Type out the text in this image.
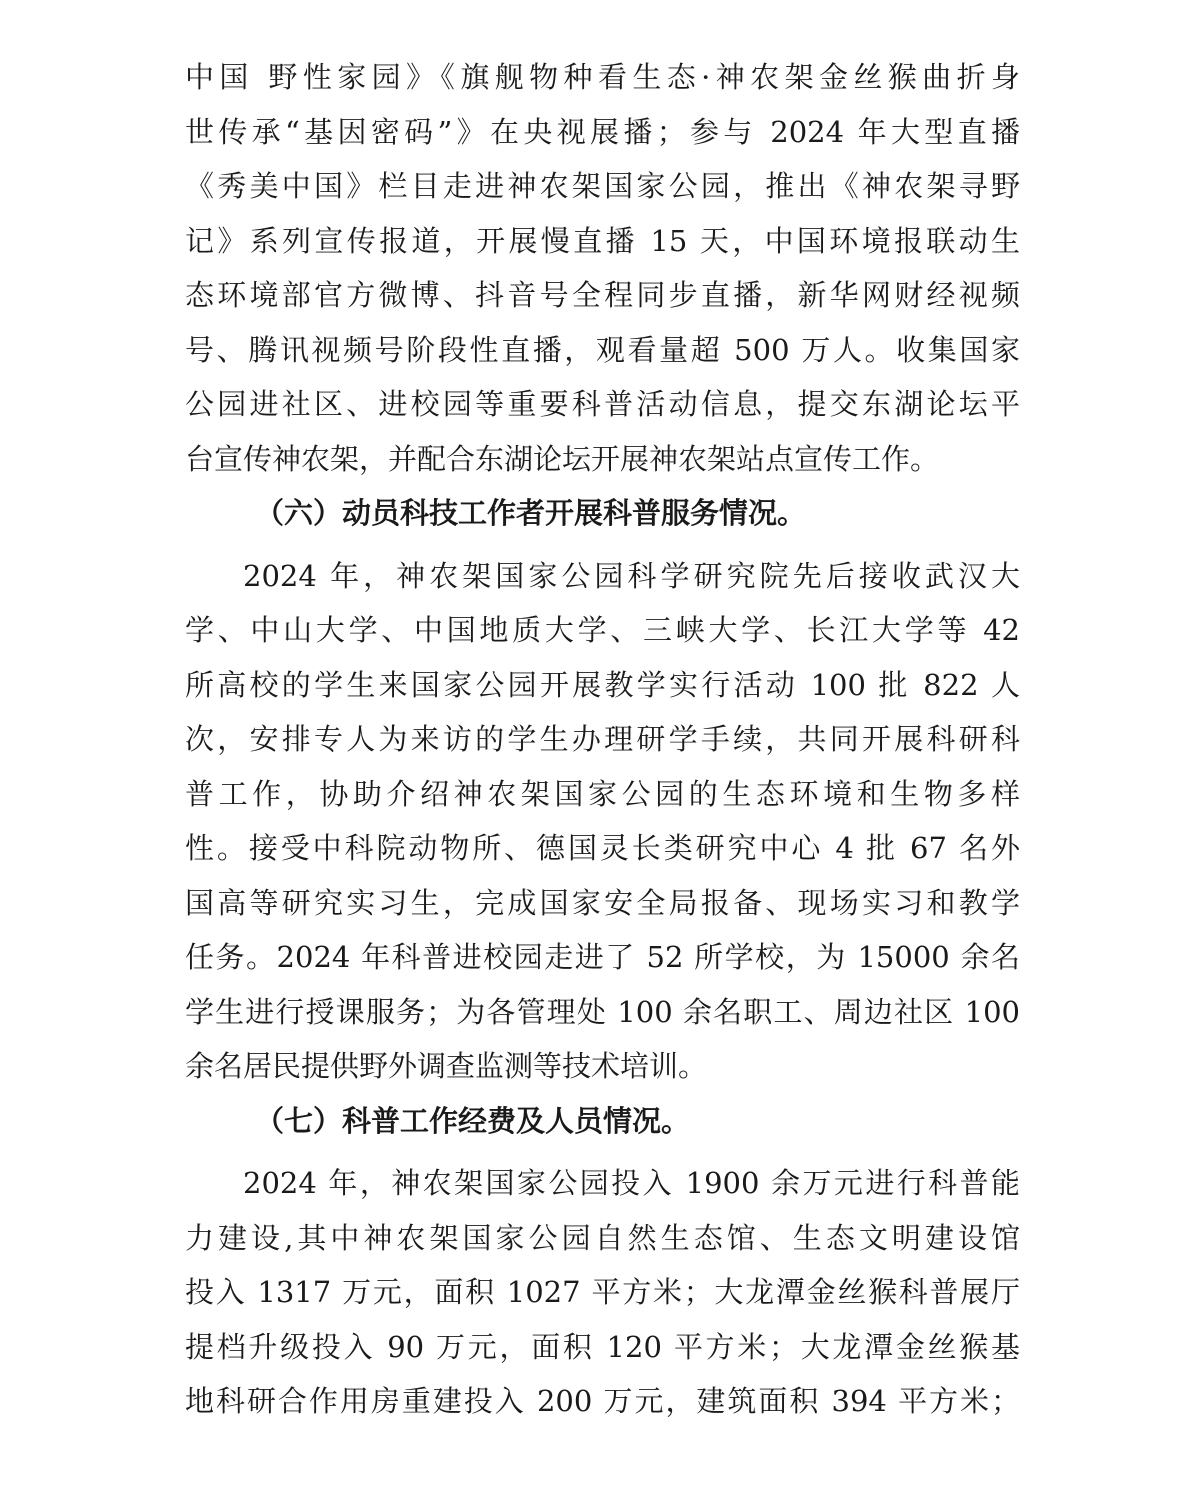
中国 野性家园》《旗舰物种看生态·神农架金丝猴曲折身
世传承“基因密码”》在央视展播；参与 2024 年大型直播
《秀美中国》栏目走进神农架国家公园，推出《神农架寻野
记》系列宣传报道，开展慢直播 15 天，中国环境报联动生
态环境部官方微博、抖音号全程同步直播，新华网财经视频
号、腾讯视频号阶段性直播，观看量超 500 万人。收集国家
公园进社区、进校园等重要科普活动信息，提交东湖论坛平
台宣传神农架，并配合东湖论坛开展神农架站点宣传工作。
（六）动员科技工作者开展科普服务情况。
2024 年，神农架国家公园科学研究院先后接收武汉大
学、中山大学、中国地质大学、三峡大学、长江大学等 42
所高校的学生来国家公园开展教学实行活动 100 批 822 人
次，安排专人为来访的学生办理研学手续，共同开展科研科
普工作，协助介绍神农架国家公园的生态环境和生物多样
性。接受中科院动物所、德国灵长类研究中心 4 批 67 名外
国高等研究实习生，完成国家安全局报备、现场实习和教学
任务。2024 年科普进校园走进了 52 所学校，为 15000 余名
学生进行授课服务；为各管理处 100 余名职工、周边社区 100
余名居民提供野外调查监测等技术培训。
（七）科普工作经费及人员情况。
2024 年，神农架国家公园投入 1900 余万元进行科普能
力建设,其中神农架国家公园自然生态馆、生态文明建设馆
投入 1317 万元，面积 1027 平方米；大龙潭金丝猴科普展厅
提档升级投入 90 万元，面积 120 平方米；大龙潭金丝猴基
地科研合作用房重建投入 200 万元，建筑面积 394 平方米；
